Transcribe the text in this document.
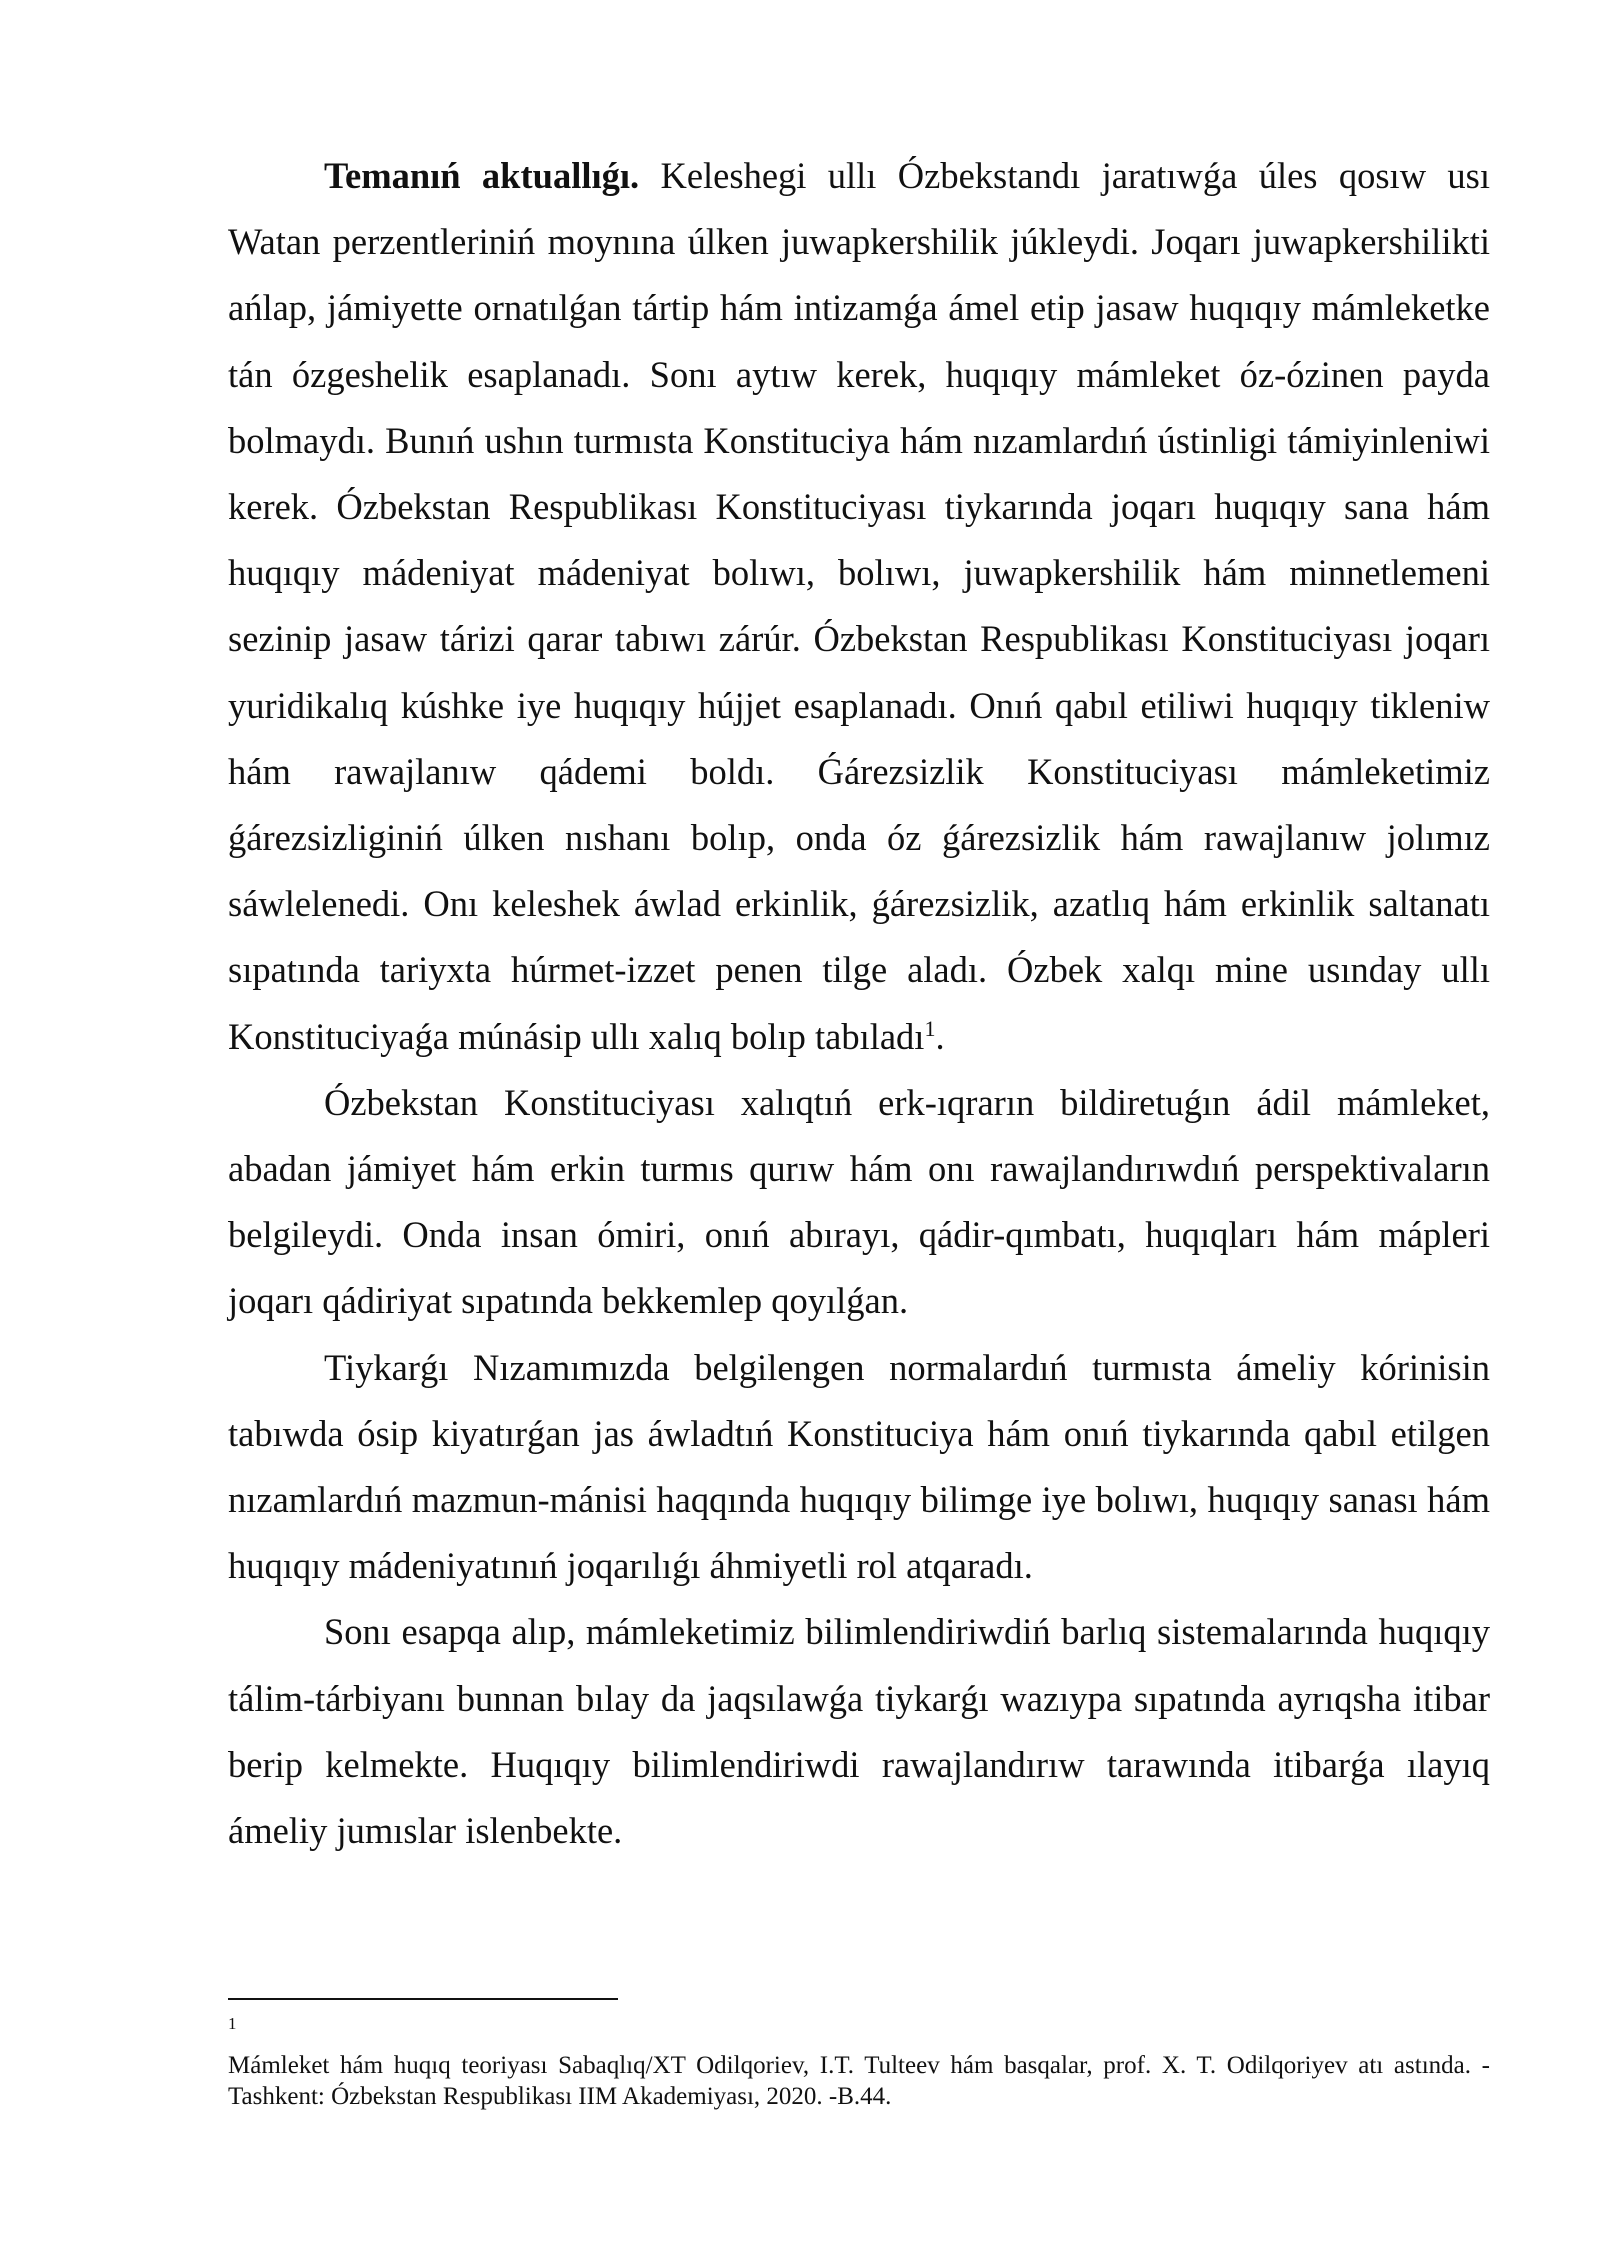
Temanıń aktuallıǵı. Keleshegi ullı Ózbekstandı jaratıwǵa úles qosıw usı Watan perzentleriniń moynına úlken juwapkershilik júkleydi. Joqarı juwapkershilikti ańlap, jámiyette ornatılǵan tártip hám intizamǵa ámel etip jasaw huqıqıy mámleketke tán ózgeshelik esaplanadı. Sonı aytıw kerek, huqıqıy mámleket óz-ózinen payda bolmaydı. Bunıń ushın turmısta Konstituciya hám nızamlardıń ústinligi támiyinleniwi kerek. Ózbekstan Respublikası Konstituciyası tiykarında joqarı huqıqıy sana hám huqıqıy mádeniyat mádeniyat bolıwı, bolıwı, juwapkershilik hám minnetlemeni sezinip jasaw tárizi qarar tabıwı zárúr. Ózbekstan Respublikası Konstituciyası joqarı yuridikalıq kúshke iye huqıqıy hújjet esaplanadı. Onıń qabıl etiliwi huqıqıy tikleniw hám rawajlanıw qádemi boldı. Ǵárezsizlik Konstituciyası mámleketimiz ǵárezsizliginiń úlken nıshanı bolıp, onda óz ǵárezsizlik hám rawajlanıw jolımız sáwlelenedi. Onı keleshek áwlad erkinlik, ǵárezsizlik, azatlıq hám erkinlik saltanatı sıpatında tariyxta húrmet-izzet penen tilge aladı. Ózbek xalqı mine usınday ullı Konstituciyaǵa múnásip ullı xalıq bolıp tabıladı$^1$.

Ózbekstan Konstituciyası xalıqtıń erk-ıqrarın bildiretuǵın ádil mámleket, abadan jámiyet hám erkin turmıs qurıw hám onı rawajlandırıwdıń perspektivaların belgileydi. Onda insan ómiri, onıń abırayı, qádir-qımbatı, huqıqları hám mápleri joqarı qádiriyat sıpatında bekkemlep qoyılǵan.

Tiykarǵı Nızamımızda belgilengen normalardıń turmısta ámeliy kórinisin tabıwda ósip kiyatırǵan jas áwladtıń Konstituciya hám onıń tiykarında qabıl etilgen nızamlardıń mazmun-mánisi haqqında huqıqıy bilimge iye bolıwı, huqıqıy sanası hám huqıqıy mádeniyatınıń joqarılıǵı áhmiyetli rol atqaradı.

Sonı esapqa alıp, mámleketimiz bilimlendiriwdiń barlıq sistemalarında huqıqıy tálim-tárbiyanı bunnan bılay da jaqsılawǵa tiykarǵı wazıypa sıpatında ayrıqsha itibar berip kelmekte. Huqıqıy bilimlendiriwdi rawajlandırıw tarawında itibarǵa ılayıq ámeliy jumıslar islenbekte.

1
Mámleket hám huqıq teoriyası Sabaqlıq/XT Odilqoriev, I.T. Tulteev hám basqalar, prof. X. T. Odilqoriyev atı astında. - Tashkent: Ózbekstan Respublikası IIM Akademiyası, 2020. -B.44.
